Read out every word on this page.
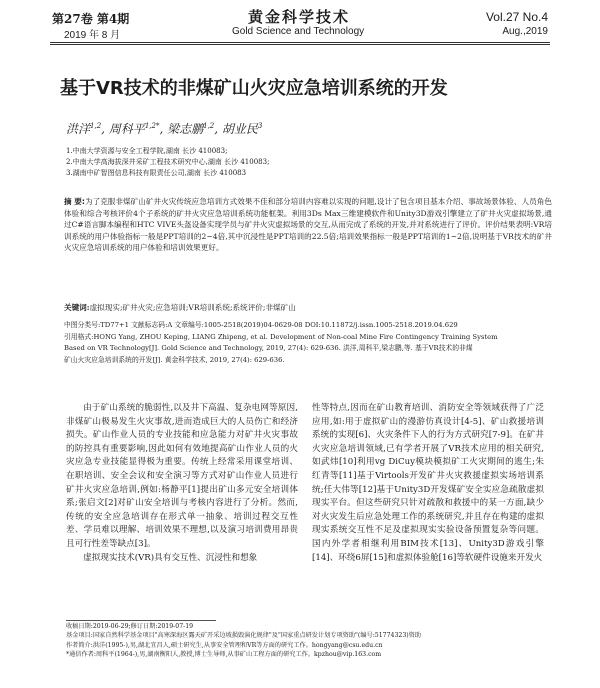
第27卷 第4期
2019 年 8 月
黄金科学技术
Gold Science and Technology
Vol.27 No.4
Aug.,2019
基于VR技术的非煤矿山火灾应急培训系统的开发
洪洋$^{1,2}$, 周科平$^{1,2*}$, 梁志鹏$^{1,2}$, 胡业民$^3$
1.中南大学资源与安全工程学院,湖南 长沙 410083;
2.中南大学高海拔深井采矿工程技术研究中心,湖南 长沙 410083;
3.湖南中矿智图信息科技有限责任公司,湖南 长沙 410083
摘 要:为了克服非煤矿山矿井火灾传统应急培训方式效果不佳和部分培训内容难以实现的问题,设计了包含项目基本介绍、事故场景体验、人员角色体验和综合考核评价4个子系统的矿井火灾应急培训系统功能框架。利用3Ds Max三维建模软件和Unity3D游戏引擎建立了矿井火灾虚拟场景,通过C#语言脚本编程和HTC VIVE头盔设备实现学员与矿井火灾虚拟场景的交互,从而完成了系统的开发,并对系统进行了评价。评价结果表明:VR培训系统的用户体验指标一般是PPT培训的2~4倍,其中沉浸性是PPT培训的22.5倍;培训效果指标一般是PPT培训的1~2倍,说明基于VR技术的矿井火灾应急培训系统的用户体验和培训效果更好。
关键词:虚拟现实;矿井火灾;应急培训;VR培训系统;系统评价;非煤矿山
中图分类号:TD77+1 文献标志码:A 文章编号:1005-2518(2019)04-0629-08 DOI:10.11872/j.issn.1005-2518.2019.04.629
引用格式:HONG Yang, ZHOU Keping, LIANG Zhipeng, et al. Development of Non-coal Mine Fire Contingency Training System
Based on VR Technology[J]. Gold Science and Technology, 2019, 27(4): 629-636. 洪洋,周科平,梁志鹏,等. 基于VR技术的非煤
矿山火灾应急培训系统的开发[J]. 黄金科学技术, 2019, 27(4): 629-636.

由于矿山系统的脆弱性,以及井下高温、复杂电网等原因,非煤矿山极易发生火灾事故,进而造成巨大的人员伤亡和经济损失。矿山作业人员的专业技能和应急能力对矿井火灾事故的防控具有重要影响,因此如何有效地提高矿山作业人员的火灾应急专业技能显得极为重要。传统上经常采用课堂培训、在职培训、安全会议和安全演习等方式对矿山作业人员进行矿井火灾应急培训,例如:杨静平[1]提出矿山多元安全培训体系;张启文[2]对矿山安全培训与考核内容进行了分析。然而,传统的安全应急培训存在形式单一抽象、培训过程交互性差、学员难以理解、培训效果不理想,以及演习培训费用昂贵且可行性差等缺点[3]。

虚拟现实技术(VR)具有交互性、沉浸性和想象

性等特点,因而在矿山教育培训、消防安全等领域获得了广泛应用,如:用于虚拟矿山的漫游仿真设计[4-5]、矿山救援培训系统的实现[6]、火灾条件下人的行为方式研究[7-9]。在矿井火灾应急培训领域,已有学者开展了VR技术应用的相关研究,如武炜[10]利用vg DiCuy模块模拟矿工火灾期间的逃生;朱红青等[11]基于Virtools开发矿井火灾救援虚拟实场培训系统;任大伟等[12]基于Unity3D开发煤矿安全实应急疏散虚拟现实平台。但这些研究只针对疏散和救援中的某一方面,缺少对火灾发生后应急处理工作的系统研究,并且存在构建的虚拟现实系统交互性不足及虚拟现实实验设备预置复杂等问题。国内外学者相继利用BIM技术[13]、Unity3D游戏引擎[14]、环绕6屏[15]和虚拟体验舱[16]等软硬件设施来开发火

收稿日期:2019-06-29;修订日期:2019-07-19
基金项目:国家自然科学基金项目"高寒深海区露天矿开采边坡损毁演化规律"及"国家重点研发计划专项资助"(编号:51774323)资助
作者简介:洪洋(1995-),男,湖北宜昌人,硕士研究生,从事安全管理和VR等方面的研究工作。hongyang@csu.edu.cn
*通信作者:周科平(1964-),男,湖南衡阳人,教授,博士生导师,从事矿山工程方面的研究工作。kpzhou@vip.163.com
